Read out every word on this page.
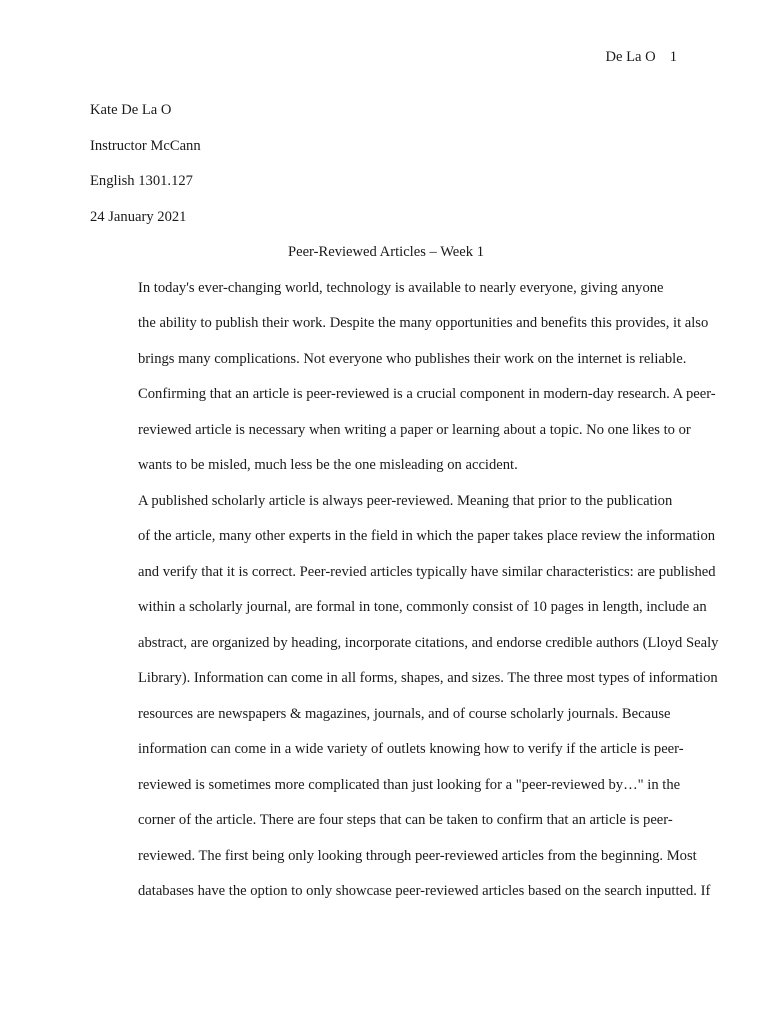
De La O 1

Kate De La O

Instructor McCann

English 1301.127

24 January 2021

Peer-Reviewed Articles – Week 1

In today's ever-changing world, technology is available to nearly everyone, giving anyone
the ability to publish their work. Despite the many opportunities and benefits this provides, it also
brings many complications. Not everyone who publishes their work on the internet is reliable.
Confirming that an article is peer-reviewed is a crucial component in modern-day research. A peer-
reviewed article is necessary when writing a paper or learning about a topic. No one likes to or
wants to be misled, much less be the one misleading on accident.

A published scholarly article is always peer-reviewed. Meaning that prior to the publication
of the article, many other experts in the field in which the paper takes place review the information
and verify that it is correct. Peer-revied articles typically have similar characteristics: are published
within a scholarly journal, are formal in tone, commonly consist of 10 pages in length, include an
abstract, are organized by heading, incorporate citations, and endorse credible authors (Lloyd Sealy
Library). Information can come in all forms, shapes, and sizes. The three most types of information
resources are newspapers & magazines, journals, and of course scholarly journals. Because
information can come in a wide variety of outlets knowing how to verify if the article is peer-
reviewed is sometimes more complicated than just looking for a "peer-reviewed by…" in the
corner of the article. There are four steps that can be taken to confirm that an article is peer-
reviewed. The first being only looking through peer-reviewed articles from the beginning. Most
databases have the option to only showcase peer-reviewed articles based on the search inputted. If
